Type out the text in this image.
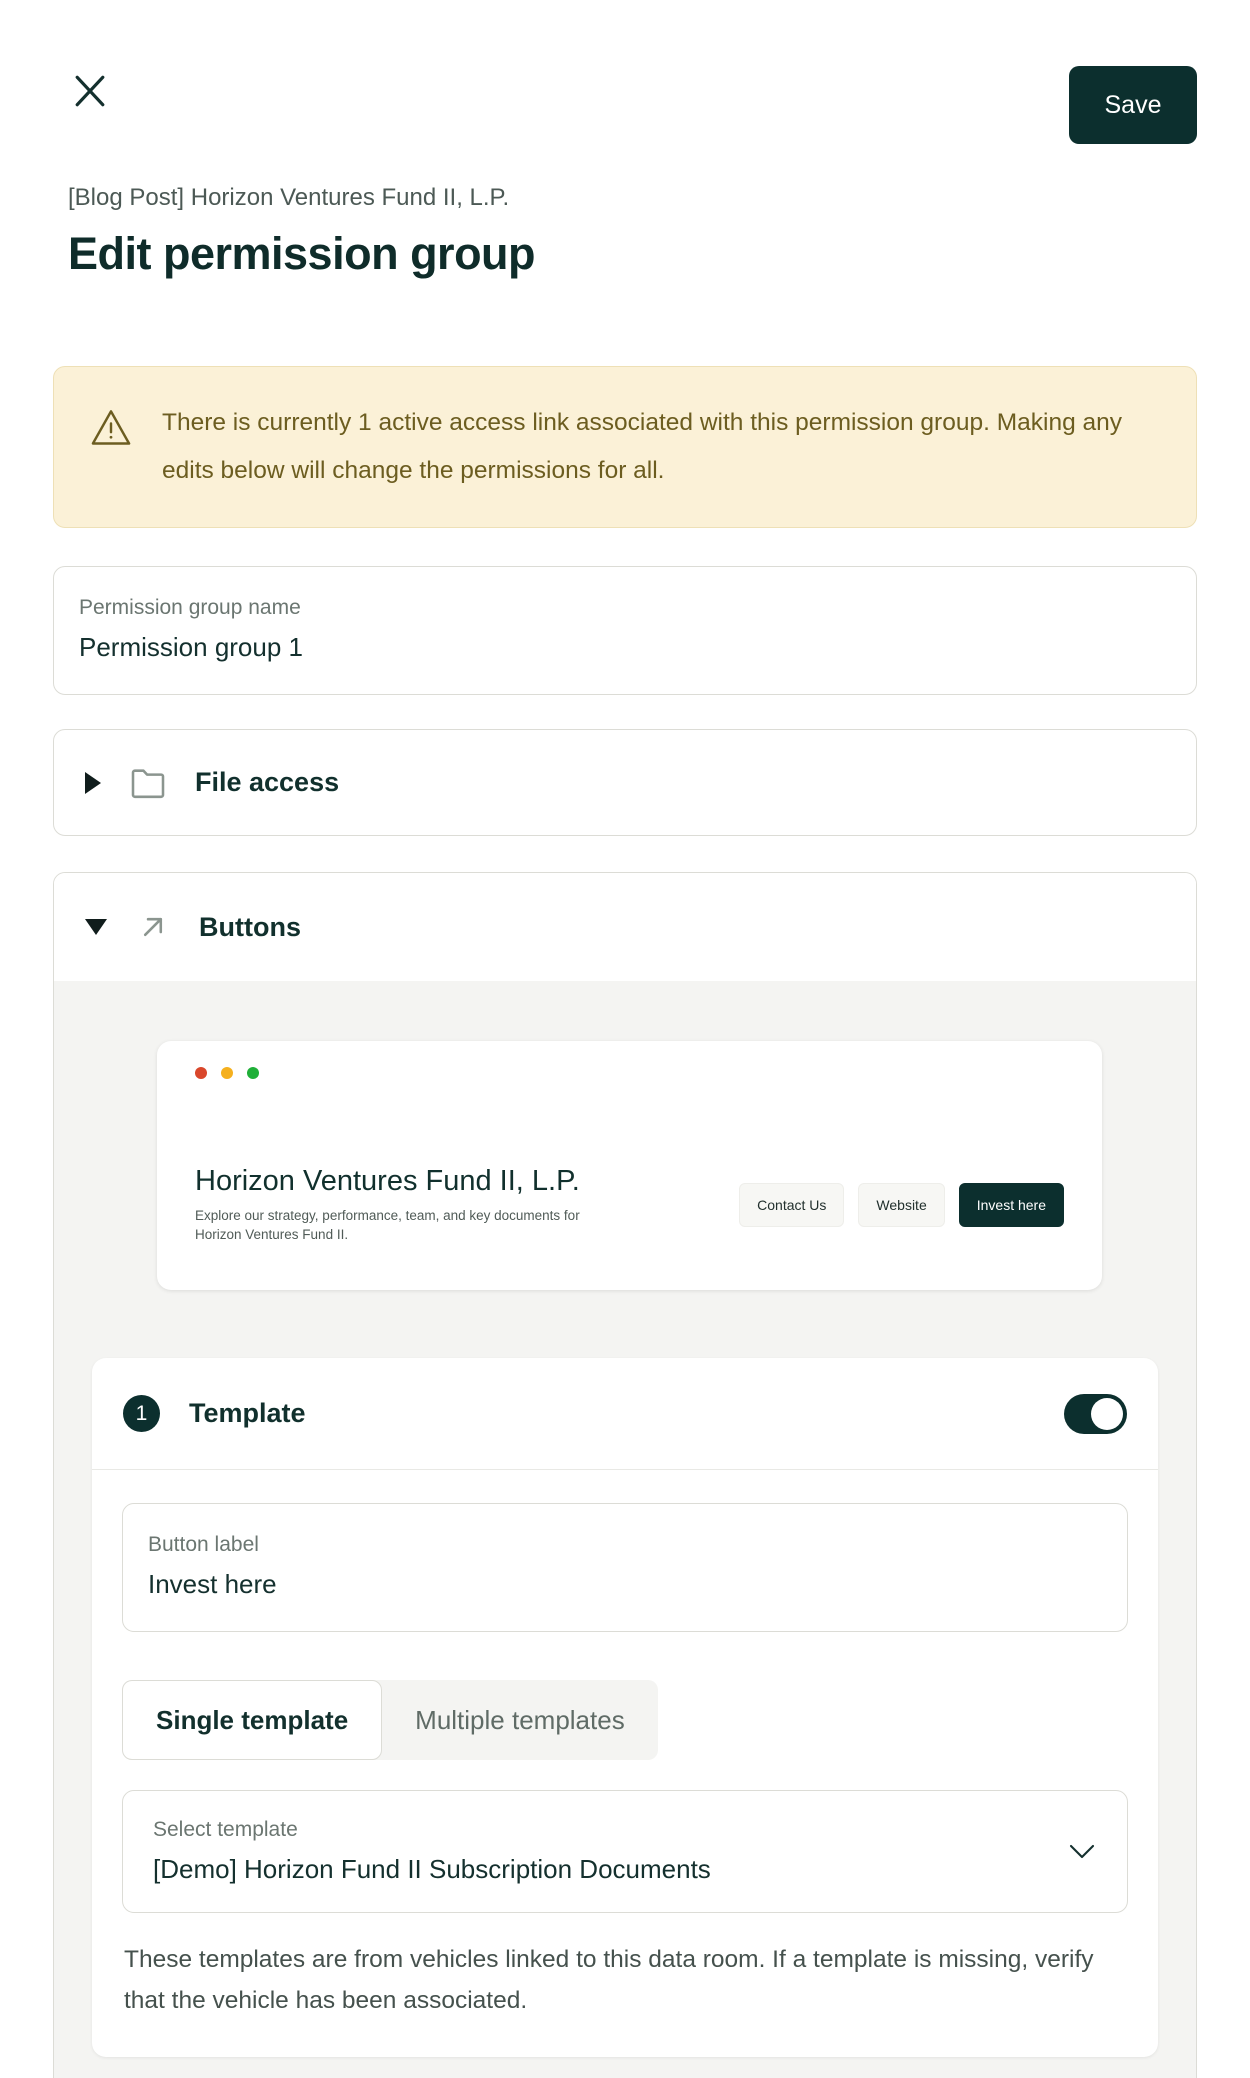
Save
[Blog Post] Horizon Ventures Fund II, L.P.
Edit permission group
There is currently 1 active access link associated with this permission group. Making any edits below will change the permissions for all.
Permission group name
Permission group 1
File access
Buttons
Horizon Ventures Fund II, L.P.

Explore our strategy, performance, team, and key documents for Horizon Ventures Fund II.

Contact Us	Website	Invest here
1	Template
Button label
Invest here
Single template	Multiple templates
Select template
[Demo] Horizon Fund II Subscription Documents
These templates are from vehicles linked to this data room. If a template is missing, verify that the vehicle has been associated.
